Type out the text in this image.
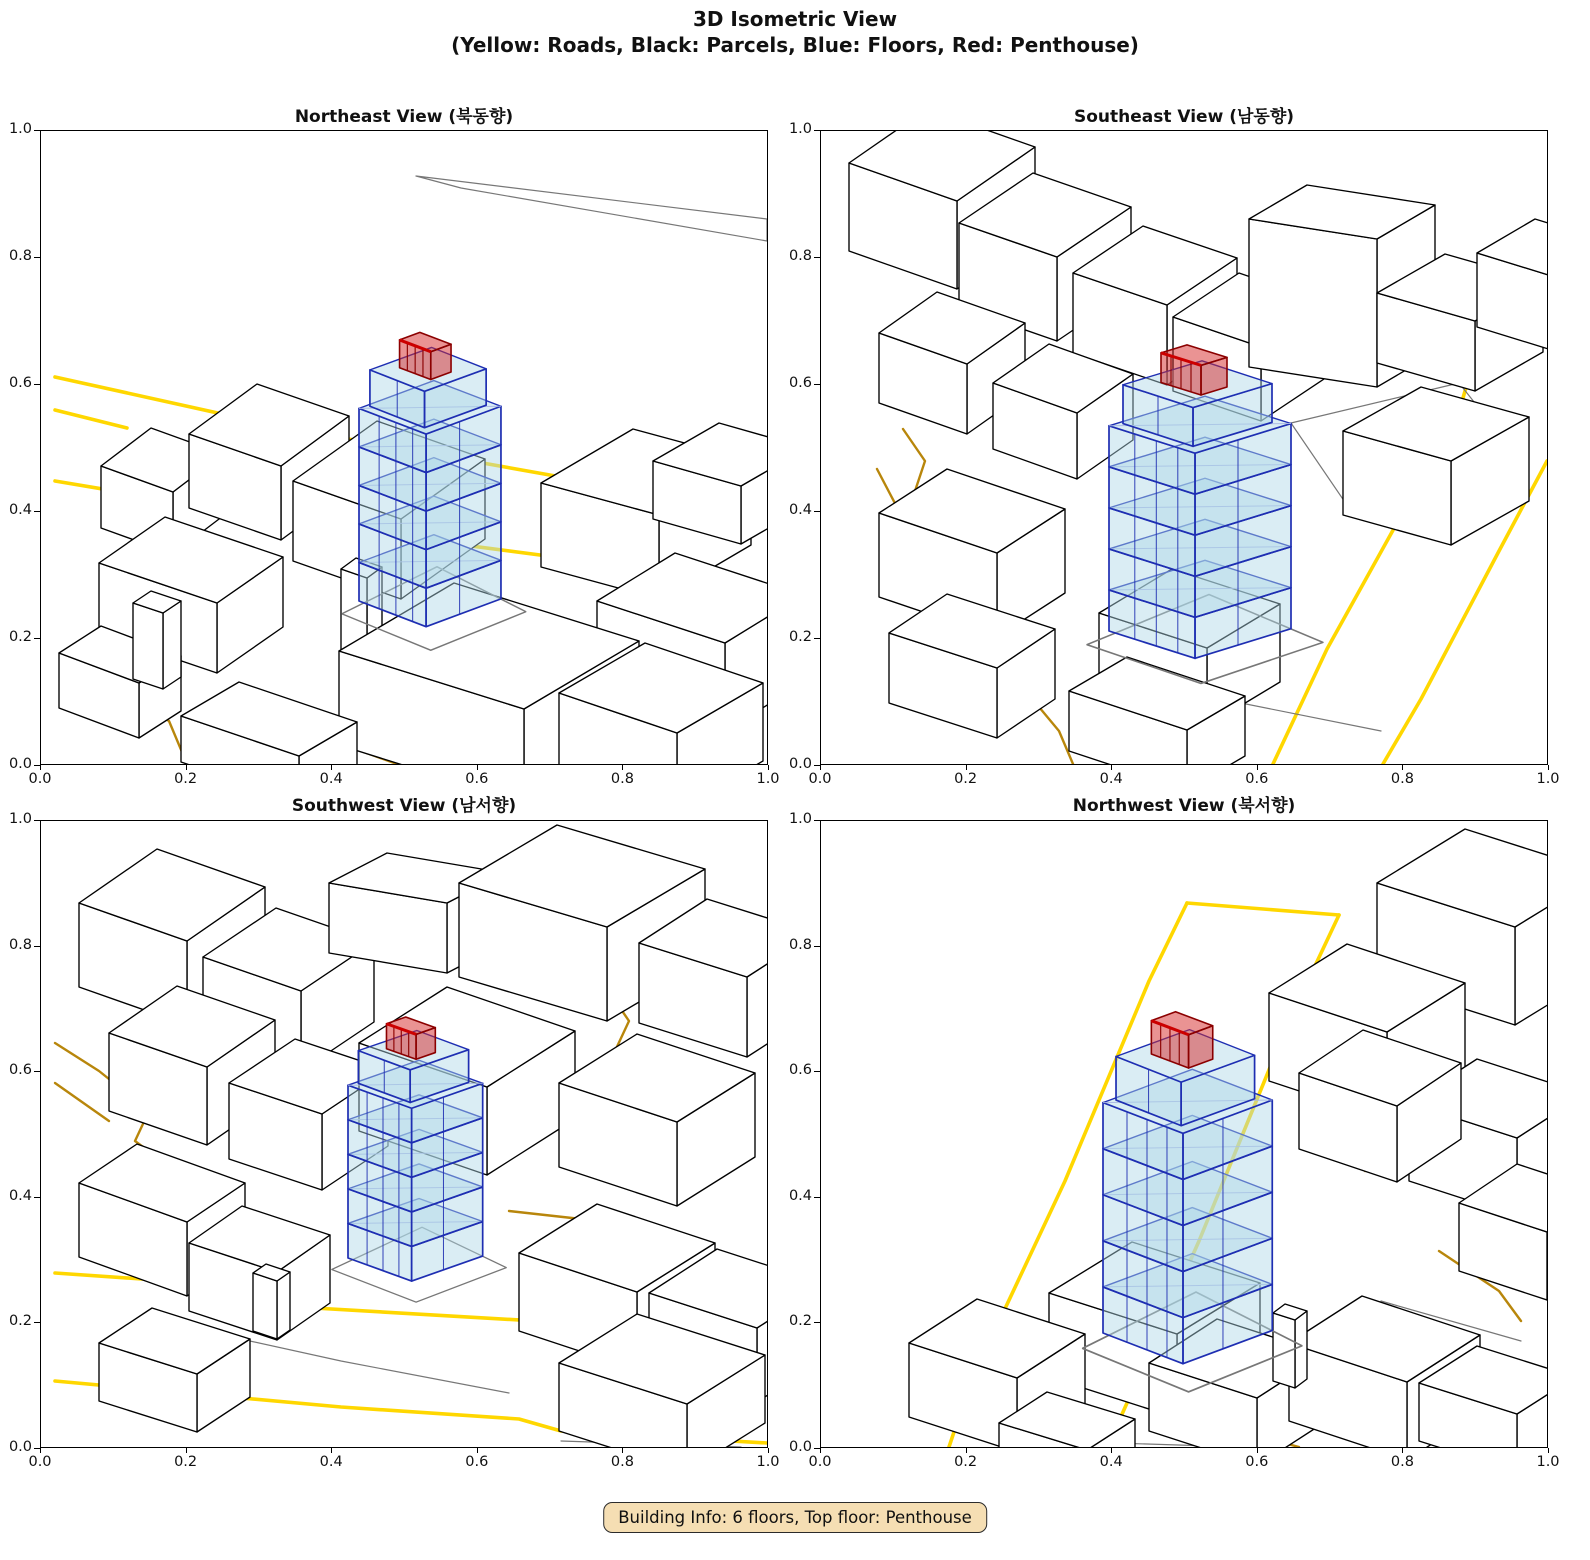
3D Isometric View
(Yellow: Roads, Black: Parcels, Blue: Floors, Red: Penthouse)
Northeast View (북동향)	Southeast View (남동향)
Southwest View (남서향)	Northwest View (북서향)
Building Info: 6 floors, Top floor: Penthouse
0.0	0.2	0.4	0.6	0.8	1.0
0.0
0.2
0.4
0.6
0.8
1.0
0.0	0.2	0.4	0.6	0.8	1.0
0.0
0.2
0.4
0.6
0.8
1.0
0.0	0.2	0.4	0.6	0.8	1.0
0.0
0.2
0.4
0.6
0.8
1.0
0.0	0.2	0.4	0.6	0.8	1.0
0.0
0.2
0.4
0.6
0.8
1.0
